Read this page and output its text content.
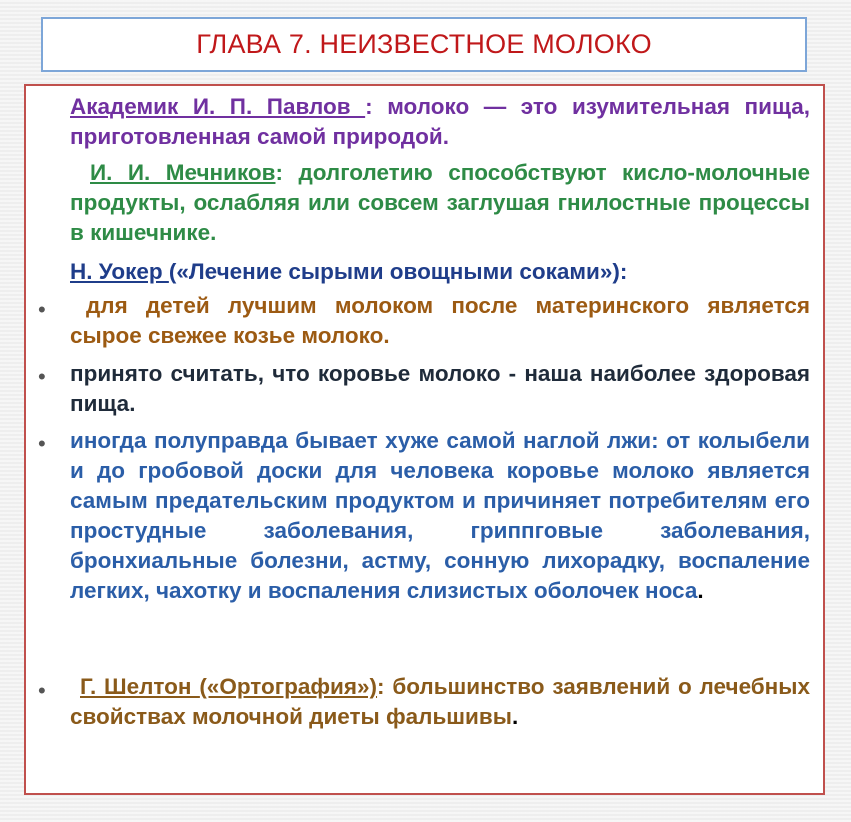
ГЛАВА 7. НЕИЗВЕСТНОЕ МОЛОКО
Академик И. П. Павлов : молоко — это изумительная пища, приготовленная самой природой.
И. И. Мечников: долголетию способствуют кисло-молочные продукты, ослабляя или совсем заглушая гнилостные процессы в кишечнике.
Н. Уокер («Лечение сырыми овощными соками»):
•	для детей лучшим молоком после материнского является сырое свежее козье молоко.
• принято считать, что коровье молоко - наша наиболее здоровая пища.
• иногда полуправда бывает хуже самой наглой лжи: от колыбели и до гробовой доски для человека коровье молоко является самым предательским продуктом и причиняет потребителям его простудные заболевания, гриппговые заболевания, бронхиальные болезни, астму, сонную лихорадку, воспаление легких, чахотку и воспаления слизистых оболочек носа.
•	Г. Шелтон («Ортография»): большинство заявлений о лечебных свойствах молочной диеты фальшивы.
